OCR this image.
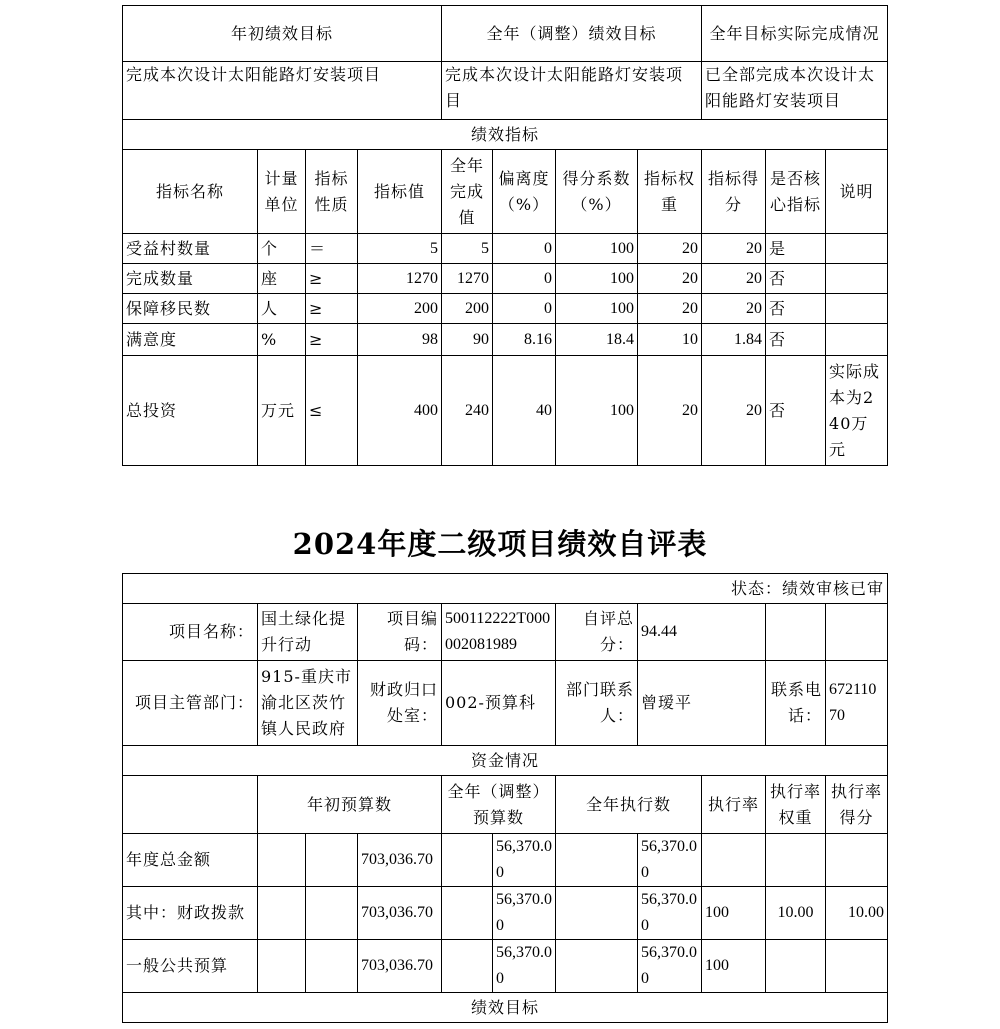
年初绩效目标				全年（调整）绩效目标				全年目标实际完成情况		
完成本次设计太阳能路灯安装项目				完成本次设计太阳能路灯安装项目				已全部完成本次设计太阳能路灯安装项目		
绩效指标										
指标名称	计量单位	指标性质	指标值	全年完成值	偏离度（%）	得分系数（%）	指标权重	指标得分	是否核心指标	说明
受益村数量	个	＝	5	5	0	100	20	20	是	
完成数量	座	≥	1270	1270	0	100	20	20	否	
保障移民数	人	≥	200	200	0	100	20	20	否	
满意度	%	≥	98	90	8.16	18.4	10	1.84	否	
总投资	万元	≤	400	240	40	100	20	20	否	实际成本为240万元
2024年度二级项目绩效自评表
状态：绩效审核已审										
项目名称：	国土绿化提升行动		项目编码：	500112222T000002081989		自评总分：	94.44			
项目主管部门：	915-重庆市渝北区茨竹镇人民政府		财政归口处室：	002-预算科		部门联系人：	曾瑷平		联系电话：	67211070
资金情况										
	年初预算数			全年（调整）预算数		全年执行数		执行率	执行率权重	执行率得分
年度总金额			703,036.70		56,370.00		56,370.00			
其中：财政拨款			703,036.70		56,370.00		56,370.00	100	10.00	10.00
一般公共预算			703,036.70		56,370.00		56,370.00	100		
绩效目标										
